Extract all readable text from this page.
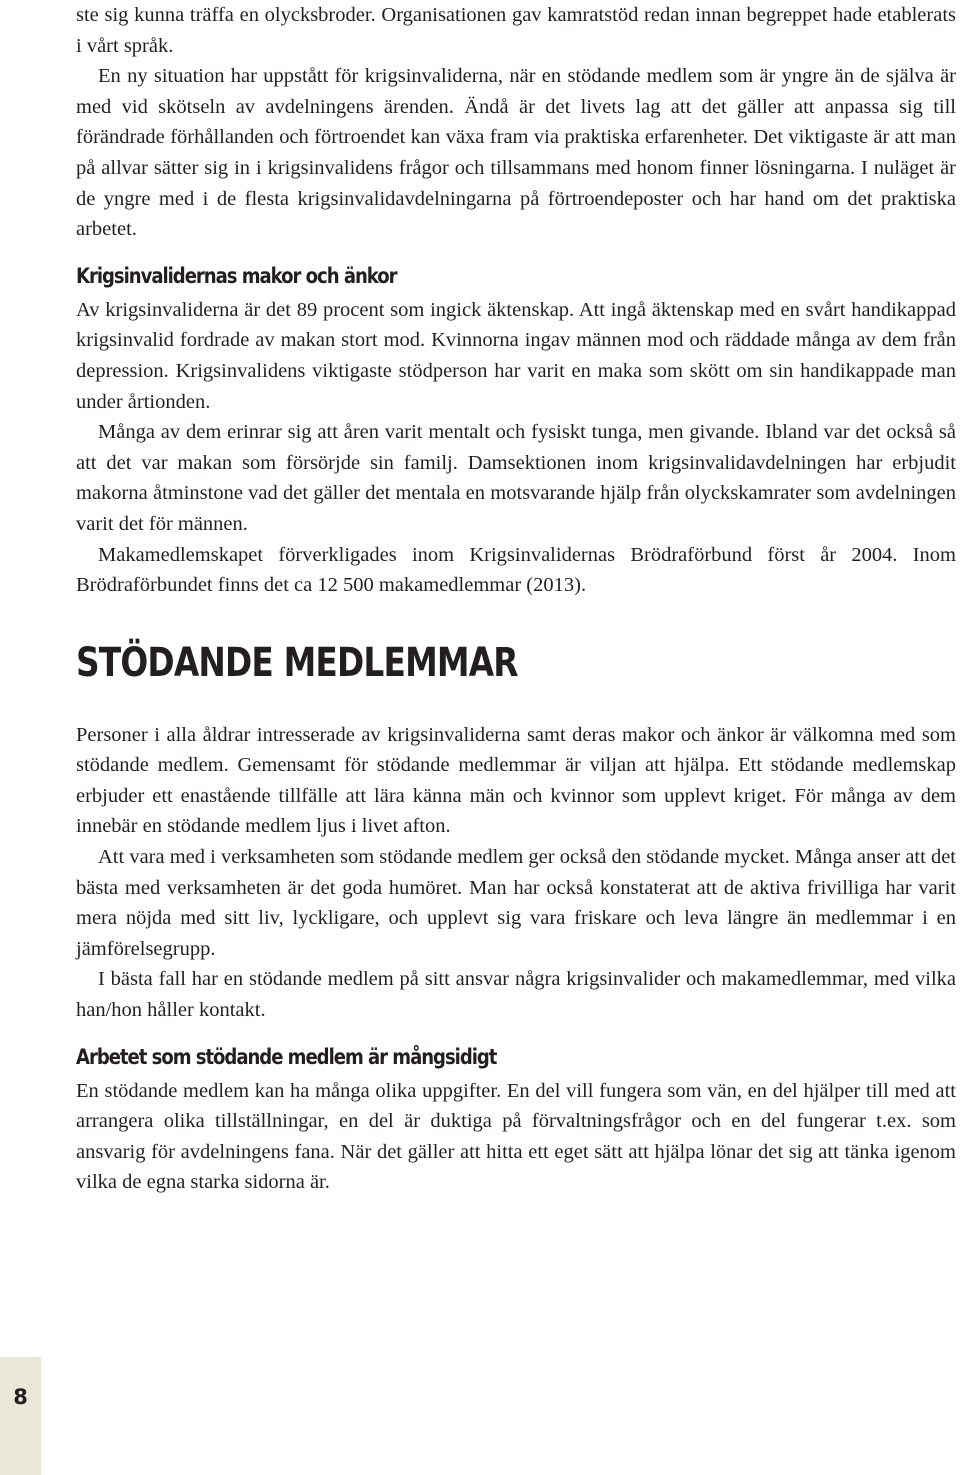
ste sig kunna träffa en olycksbroder. Organisationen gav kamratstöd redan innan begreppet hade etablerats i vårt språk.

En ny situation har uppstått för krigsinvaliderna, när en stödande medlem som är yngre än de själva är med vid skötseln av avdelningens ärenden. Ändå är det livets lag att det gäller att anpassa sig till förändrade förhållanden och förtroendet kan växa fram via praktiska erfarenheter. Det viktigaste är att man på allvar sätter sig in i krigsinvalidens frågor och tillsammans med honom finner lösningarna. I nuläget är de yngre med i de flesta krigsinvalidavdelningarna på förtroendeposter och har hand om det praktiska arbetet.

Krigsinvalidernas makor och änkor

Av krigsinvaliderna är det 89 procent som ingick äktenskap. Att ingå äktenskap med en svårt handikappad krigsinvalid fordrade av makan stort mod. Kvinnorna ingav männen mod och räddade många av dem från depression. Krigsinvalidens viktigaste stödperson har varit en maka som skött om sin handikappade man under årtionden.

Många av dem erinrar sig att åren varit mentalt och fysiskt tunga, men givande. Ibland var det också så att det var makan som försörjde sin familj. Damsektionen inom krigsinvalidavdelningen har erbjudit makorna åtminstone vad det gäller det mentala en motsvarande hjälp från olyckskamrater som avdelningen varit det för männen.

Makamedlemskapet förverkligades inom Krigsinvalidernas Brödraförbund först år 2004. Inom Brödraförbundet finns det ca 12 500 makamedlemmar (2013).

STÖDANDE MEDLEMMAR

Personer i alla åldrar intresserade av krigsinvaliderna samt deras makor och änkor är välkomna med som stödande medlem. Gemensamt för stödande medlemmar är viljan att hjälpa. Ett stödande medlemskap erbjuder ett enastående tillfälle att lära känna män och kvinnor som upplevt kriget. För många av dem innebär en stödande medlem ljus i livet afton.

Att vara med i verksamheten som stödande medlem ger också den stödande mycket. Många anser att det bästa med verksamheten är det goda humöret. Man har också konstaterat att de aktiva frivilliga har varit mera nöjda med sitt liv, lyckligare, och upplevt sig vara friskare och leva längre än medlemmar i en jämförelsegrupp.

I bästa fall har en stödande medlem på sitt ansvar några krigsinvalider och makamedlemmar, med vilka han/hon håller kontakt.

Arbetet som stödande medlem är mångsidigt

En stödande medlem kan ha många olika uppgifter. En del vill fungera som vän, en del hjälper till med att arrangera olika tillställningar, en del är duktiga på förvaltningsfrågor och en del fungerar t.ex. som ansvarig för avdelningens fana. När det gäller att hitta ett eget sätt att hjälpa lönar det sig att tänka igenom vilka de egna starka sidorna är.

8
